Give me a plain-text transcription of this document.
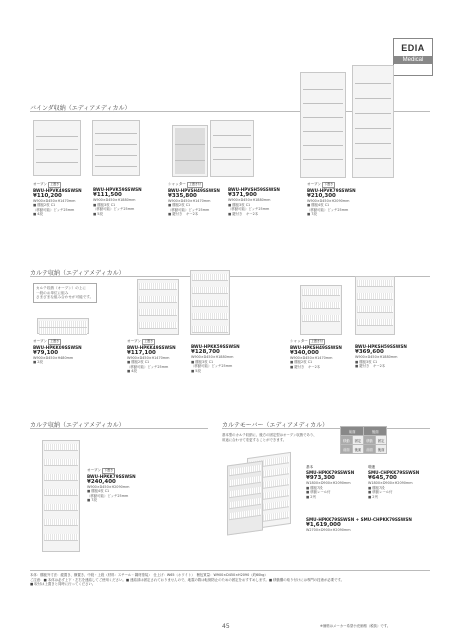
EDIA
Medical
バインダ収納（エディアメディカル）
オープン 上置き
BWU-HPVK49SSWSN
¥110,200
W900×D450×H1470mm
■ 棚板2枚 C1
（移動可能）ピッチ25mm
■ 4段
BWU-HPVK59SSWSN
¥111,500
W900×D450×H1880mm
■ 棚板3枚 C1
（移動可能）ピッチ25mm
■ 5段
シャッター 上置き付
BWU-HPVSH49SSWSN
¥335,800
W900×D450×H1470mm
■ 棚板2枚 C1
（移動可能）ピッチ25mm
■ 鍵付き　キー2本
BWU-HPVSH59SSWSN
¥371,900
W900×D450×H1880mm
■ 棚板3枚 C1
（移動可能）ピッチ25mm
■ 鍵付き　キー2本
オープン 下置き
BWU-HPVK79SSWSN
¥210,300
W900×D450×H2090mm
■ 棚板4枚 C1
（移動可能）ピッチ25mm
■ 7段
カルテ収納（エディアメディカル）
カルテ収納（オープン）の上に
一段のお単位に組み
さまざまな組み合わせが可能です。
オープン 上置き
BWU-HPKK09SSWSN
¥79,100
W900×D450×H480mm
■ 2段
オープン 上置き
BWU-HPKK49SSWSN
¥117,100
W900×D450×H1470mm
■ 棚板2枚 C1
（移動可能）ピッチ25mm
■ 4段
BWU-HPKK59SSWSN
¥128,700
W900×D450×H1880mm
■ 棚板3枚 C1
（移動可能）ピッチ25mm
■ 5段
シャッター 上置き付
BWU-HPKSH49SSWSN
¥340,000
W900×D450×H1470mm
■ 棚板2枚 C1
■ 鍵付き　キー2本
BWU-HPKSH59SSWSN
¥369,600
W900×D450×H1880mm
■ 棚板3枚 C1
■ 鍵付き　キー2本
カルテ収納（エディアメディカル）
オープン 下置き
BWU-HPKK79SSWSN
¥240,400
W900×D450×H2090mm
■ 棚板4枚 C1
（移動可能）ピッチ25mm
■ 7段
カルテモーバー（エディアメディカル）
基本型のカルテ収納に、後方の固定型はオープン収納であり、
用途に合わせて変更することができます。
前面		後面	
移動	固定	移動	固定
前面	後面	前面	後面
基本
SMU-HPKK79SSWSN
¥973,300
W1800×D900×H2090mm
■ 棚板7段
■ 移動レール付
■ 2列
増連
SMU-CHPKK79SSWSN
¥645,700
W1800×D900×H2090mm
■ 棚板7段
■ 移動レール付
■ 2列
SMU-HPKK79SSWSN + SMU-CHPKK79SSWSN
¥1,619,000
W2700×D900×H2090mm
本体：棚板外寸法：縦置き、横置き、中段・上段（材料：スチール・鋼材塗装）　仕上げ：W65（ホワイト）　梱包質量：W900×D450×H2090（約60kg）
ご注意：■ 本体は必ず上下・左右を連結してご使用ください。■ 連結部は固定されておりませんので、地震の際は転倒防止のための固定をおすすめします。■ 移動棚の取り付けには専門の技術が必要です。
■ 取付は上置きと同時に行ってください。
45	※価格はメーカー希望小売価格（税抜）です。
